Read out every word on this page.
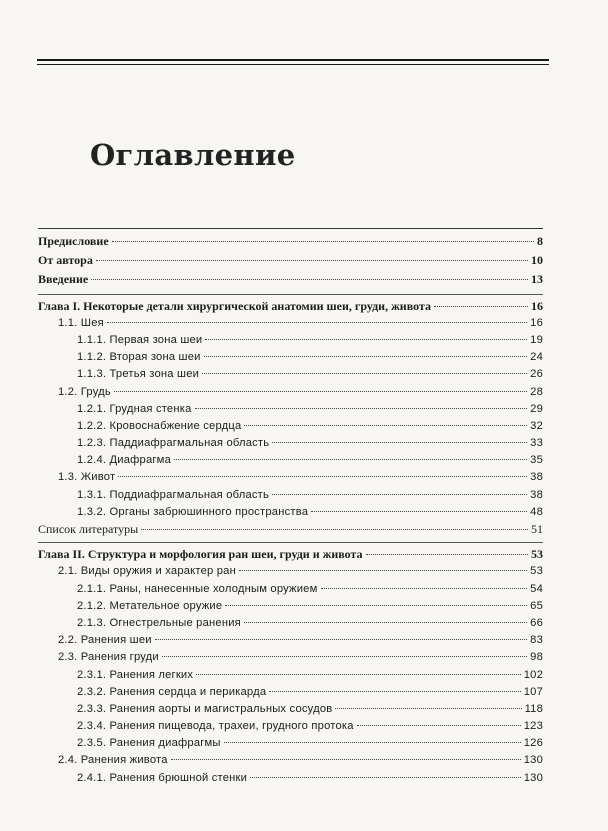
Оглавление
Предисловие	8
От автора	10
Введение	13
Глава I. Некоторые детали хирургической анатомии шеи, груди, живота	16
1.1. Шея	16
1.1.1. Первая зона шеи	19
1.1.2. Вторая зона шеи	24
1.1.3. Третья зона шеи	26
1.2. Грудь	28
1.2.1. Грудная стенка	29
1.2.2. Кровоснабжение сердца	32
1.2.3. Паддиафрагмальная область	33
1.2.4. Диафрагма	35
1.3. Живот	38
1.3.1. Поддиафрагмальная область	38
1.3.2. Органы забрюшинного пространства	48
Список литературы	51
Глава II. Структура и морфология ран шеи, груди и живота	53
2.1. Виды оружия и характер ран	53
2.1.1. Раны, нанесенные холодным оружием	54
2.1.2. Метательное оружие	65
2.1.3. Огнестрельные ранения	66
2.2. Ранения шеи	83
2.3. Ранения груди	98
2.3.1. Ранения легких	102
2.3.2. Ранения сердца и перикарда	107
2.3.3. Ранения аорты и магистральных сосудов	118
2.3.4. Ранения пищевода, трахеи, грудного протока	123
2.3.5. Ранения диафрагмы	126
2.4. Ранения живота	130
2.4.1. Ранения брюшной стенки	130
